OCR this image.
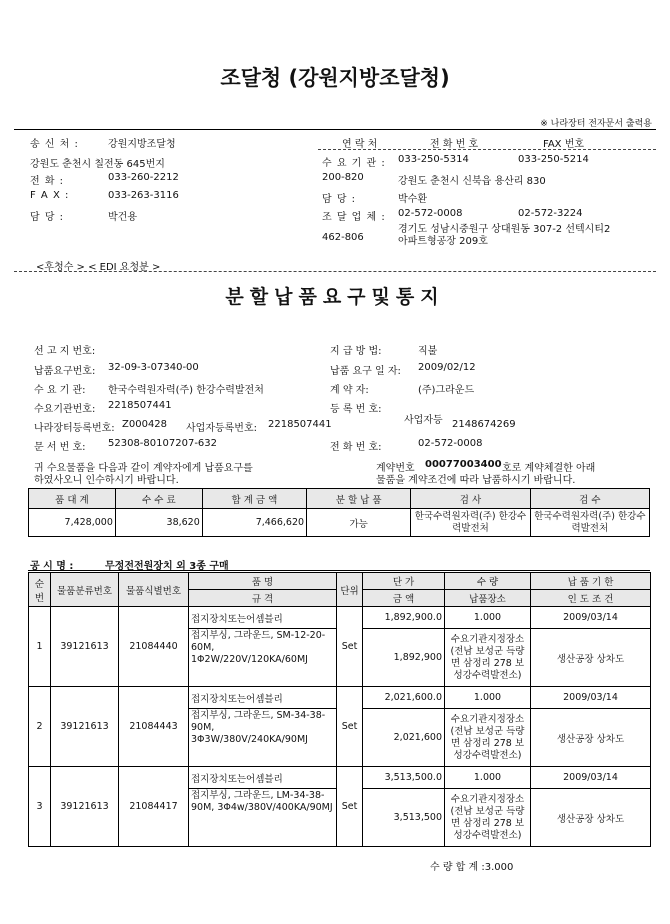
조달청 (강원지방조달청)
※ 나라장터 전자문서 출력용
송 신 처 :	강원지방조달청
강원도 춘천시 칠전동 645번지
전 화 :	033-260-2212
F A X :	033-263-3116
담 당 :	박건용
연 락 처	전 화 번 호	FAX 번호
수 요 기 관 : 033-250-5314	033-250-5214
200-820	강원도 춘천시 신북읍 용산리 830
담 당 :	박수환
조 달 업 체 : 02-572-0008	02-572-3224
462-806
경기도 성남시중원구 상대원동 307-2 선텍시티2 아파트형공장 209호
<후청수 > < EDI 요청분 >
분할납품요구및통지
선 고 지 번호:	지 급 방 법:	직불
납품요구번호: 32-09-3-07340-00	납품 요구 일 자: 2009/02/12
수 요 기 관: 한국수력원자력(주) 한강수력발전처	계 약 자:	(주)그라운드
수요기관번호: 2218507441	등 록 번 호:
나라장터등록번호: Z000428 사업자등록번호: 2218507441	사업자등 2148674269
문 서 번 호: 52308-80107207-632	전 화 번 호:	02-572-0008
귀 수요물품을 다음과 같이 계약자에게 납품요구를
하였사오니 인수하시기 바랍니다.
계약번호 00077003400 호로 계약체결한 아래
물품을 계약조건에 따라 납품하시기 바랍니다.
품 대 계	수 수 료	합 계 금 액	분 할 납 품	검 사	검 수
7,428,000	38,620	7,466,620	가능	한국수력원자력(주) 한강수력발전처	한국수력원자력(주) 한강수력발전처
공 시 명 :	무정전전원장치 외 3종 구매
순 번	물품분류번호	물품식별번호	품 명	단위	단 가	수 량	납 품 기 한
			규 격		금 액	납품장소	인 도 조 건
1	39121613	21084440	접지장치또는어셈블리	Set	1,892,900.0	1.000	2009/03/14
			접지부싱, 그라운드, SM-12-20-60M, 1Φ2W/220V/120KA/60MJ		1,892,900	수요기관지정장소(전남 보성군 득량면 삼정리 278 보성강수력발전소)	생산공장 상차도
2	39121613	21084443	접지장치또는어셈블리	Set	2,021,600.0	1.000	2009/03/14
			접지부싱, 그라운드, SM-34-38-90M, 3Φ3W/380V/240KA/90MJ		2,021,600	수요기관지정장소(전남 보성군 득량면 삼정리 278 보성강수력발전소)	생산공장 상차도
3	39121613	21084417	접지장치또는어셈블리	Set	3,513,500.0	1.000	2009/03/14
			접지부싱, 그라운드, LM-34-38-90M, 3Φ4w/380V/400KA/90MJ		3,513,500	수요기관지정장소(전남 보성군 득량면 삼정리 278 보성강수력발전소)	생산공장 상차도
수 량 합 계 :3.000
